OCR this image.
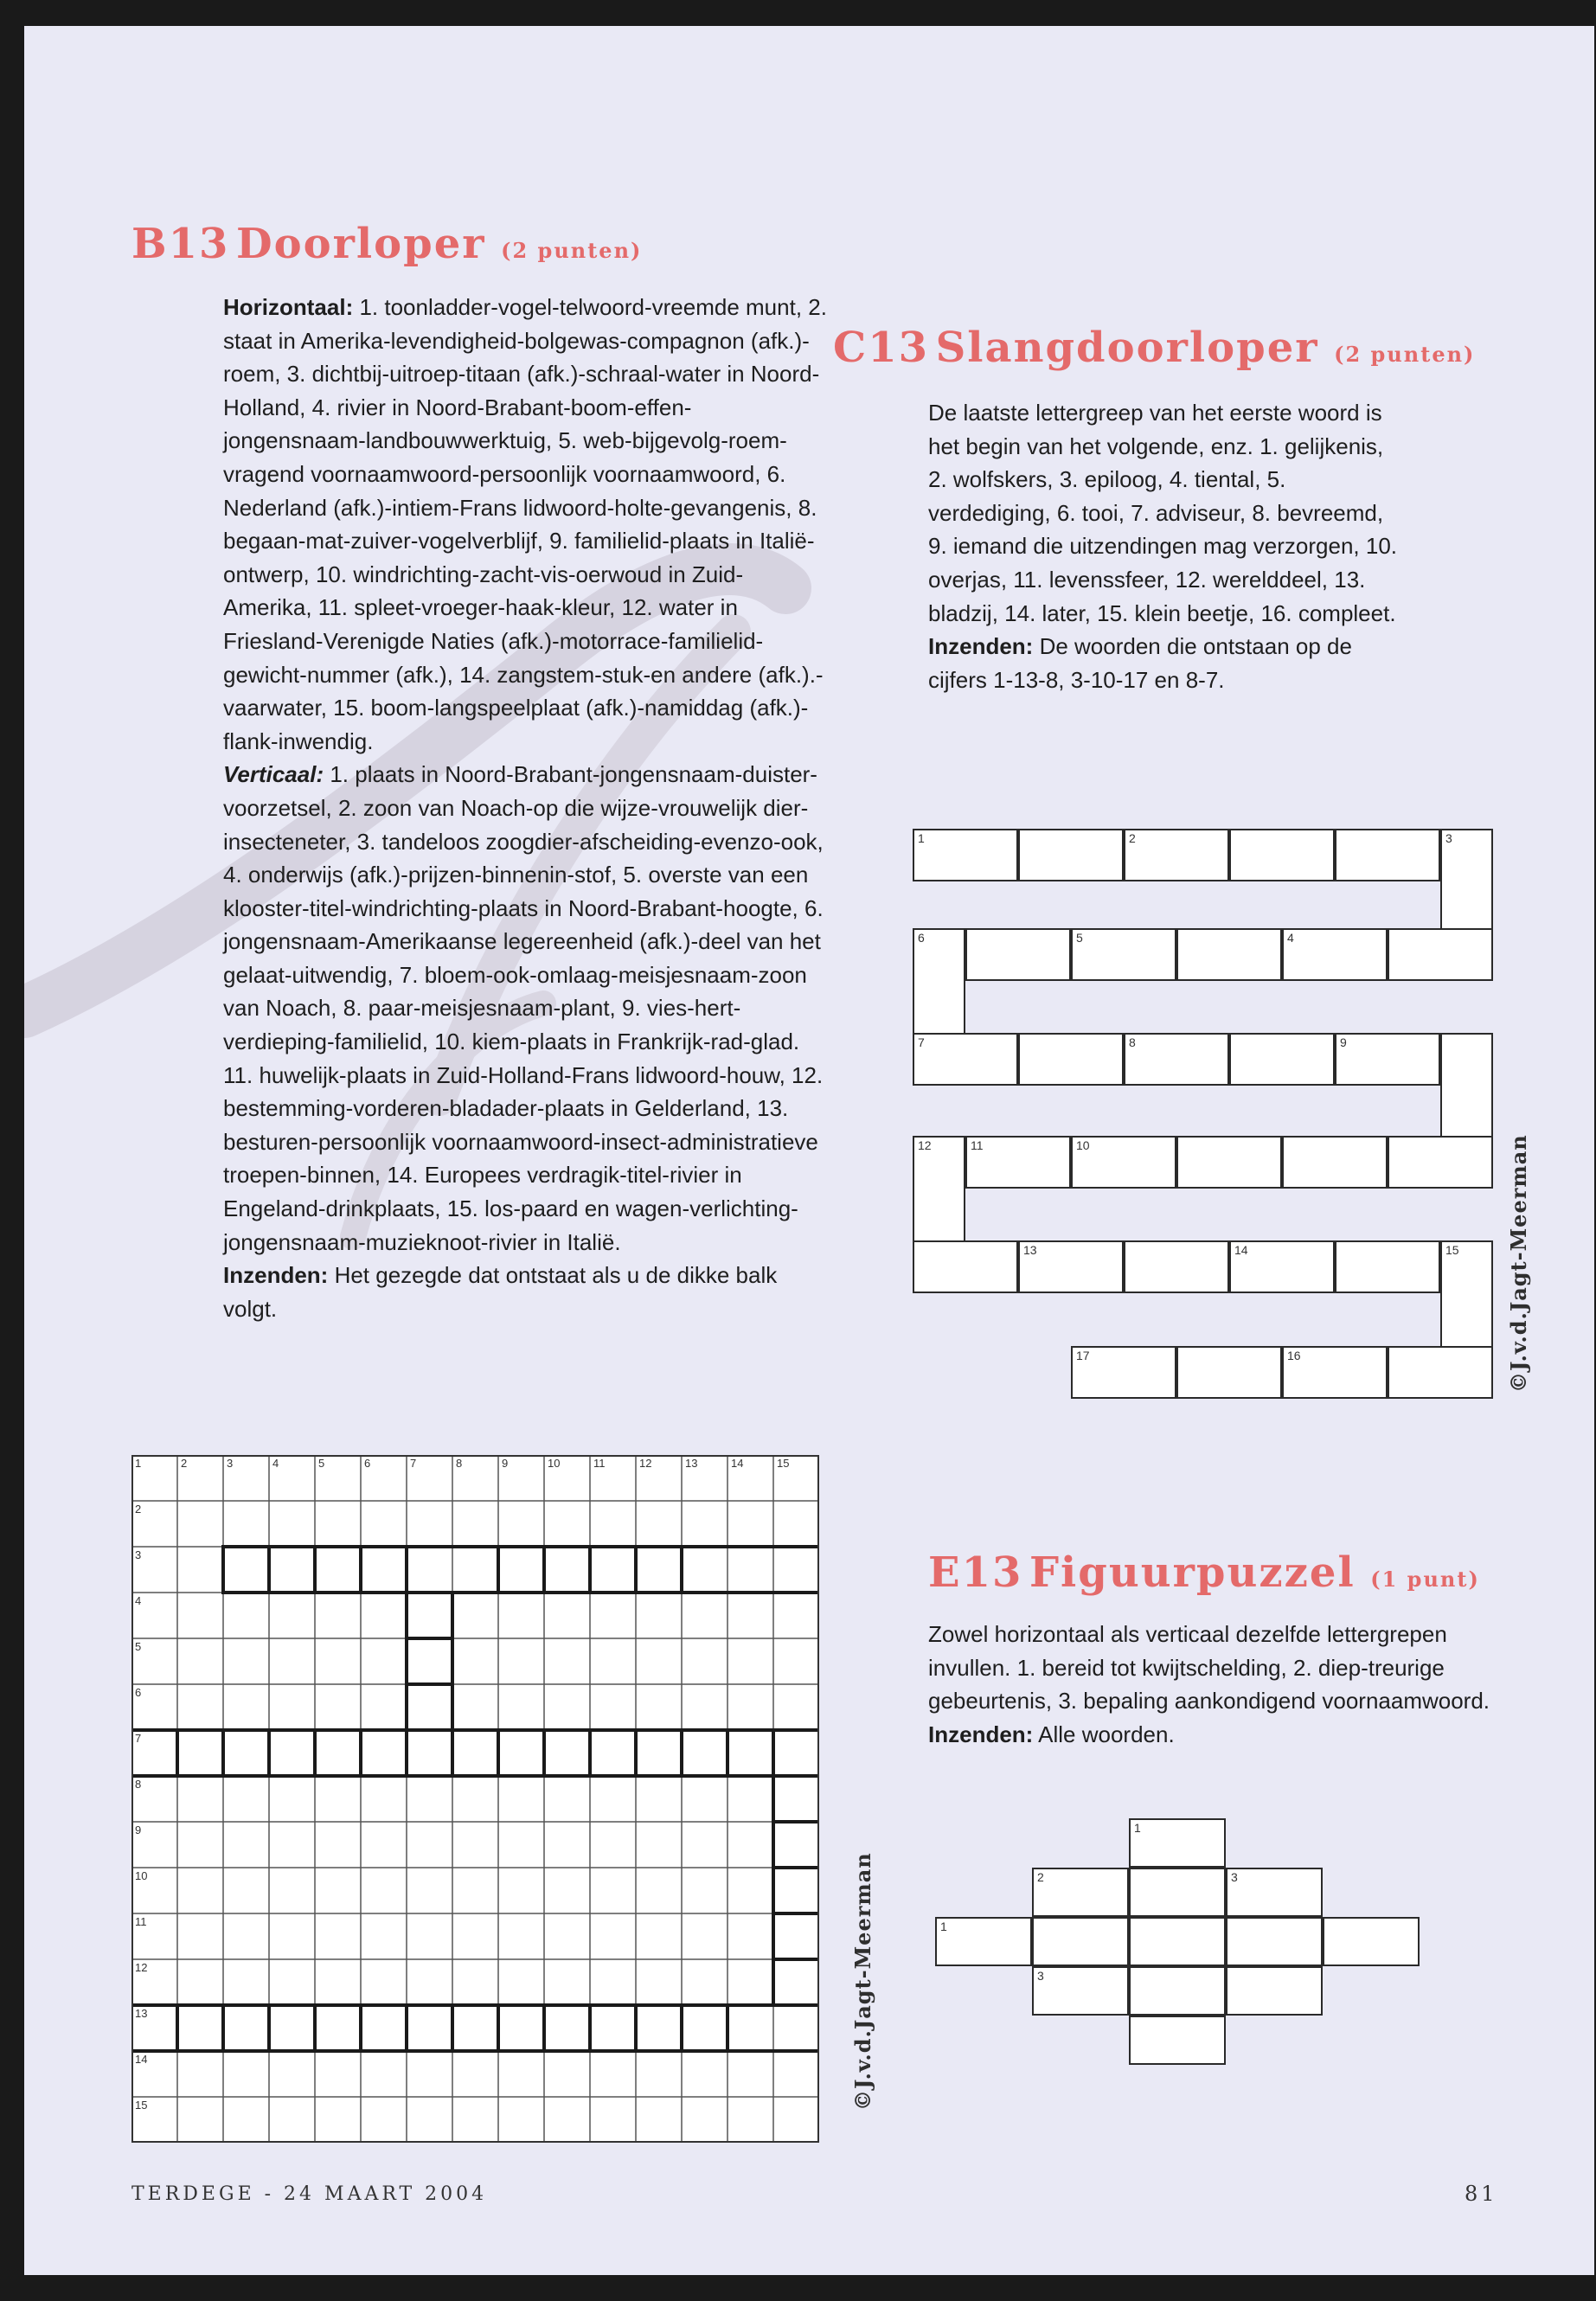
B13 Doorloper (2 punten)

Horizontaal: 1. toonladder-vogel-telwoord-vreemde munt, 2. staat in Amerika-levendigheid-bolgewas-compagnon (afk.)-roem, 3. dichtbij-uitroep-titaan (afk.)-schraal-water in Noord-Holland, 4. rivier in Noord-Brabant-boom-effen-jongensnaam-landbouwwerktuig, 5. web-bijgevolg-roem-vragend voornaamwoord-persoonlijk voornaamwoord, 6. Nederland (afk.)-intiem-Frans lidwoord-holte-gevangenis, 8. begaan-mat-zuiver-vogelverblijf, 9. familielid-plaats in Italië-ontwerp, 10. windrichting-zacht-vis-oerwoud in Zuid-Amerika, 11. spleet-vroeger-haak-kleur, 12. water in Friesland-Verenigde Naties (afk.)-motorrace-familielid-gewicht-nummer (afk.), 14. zangstem-stuk-en andere (afk.).-vaarwater, 15. boom-langspeelplaat (afk.)-namiddag (afk.)-flank-inwendig.
Verticaal: 1. plaats in Noord-Brabant-jongensnaam-duister-voorzetsel, 2. zoon van Noach-op die wijze-vrouwelijk dier-insecteneter, 3. tandeloos zoogdier-afscheiding-evenzo-ook, 4. onderwijs (afk.)-prijzen-binnenin-stof, 5. overste van een klooster-titel-windrichting-plaats in Noord-Brabant-hoogte, 6. jongensnaam-Amerikaanse legereenheid (afk.)-deel van het gelaat-uitwendig, 7. bloem-ook-omlaag-meisjesnaam-zoon van Noach, 8. paar-meisjesnaam-plant, 9. vies-hert-verdieping-familielid, 10. kiem-plaats in Frankrijk-rad-glad. 11. huwelijk-plaats in Zuid-Holland-Frans lidwoord-houw, 12. bestemming-vorderen-bladader-plaats in Gelderland, 13. besturen-persoonlijk voornaamwoord-insect-administratieve troepen-binnen, 14. Europees verdragik-titel-rivier in Engeland-drinkplaats, 15. los-paard en wagen-verlichting-jongensnaam-muzieknoot-rivier in Italië.
Inzenden: Het gezegde dat ontstaat als u de dikke balk volgt.

1	2	3	4	5	6	7	8	9	10	11	12	13	14	15
2
3
4
5
6
7
8
9
10
11
12
13
14
15	©J.v.d.Jagt-Meerman
C13 Slangdoorloper (2 punten)

De laatste lettergreep van het eerste woord is het begin van het volgende, enz. 1. gelijkenis, 2. wolfskers, 3. epiloog, 4. tiental, 5. verdediging, 6. tooi, 7. adviseur, 8. bevreemd, 9. iemand die uitzendingen mag verzorgen, 10. overjas, 11. levenssfeer, 12. werelddeel, 13. bladzij, 14. later, 15. klein beetje, 16. compleet.
Inzenden: De woorden die ontstaan op de cijfers 1-13-8, 3-10-17 en 8-7.

1	2	3
5	4
6
7	8	9
11	10
12
13	14	15
17	16	©J.v.d.Jagt-Meerman
E13 Figuurpuzzel (1 punt)

Zowel horizontaal als verticaal dezelfde lettergrepen invullen. 1. bereid tot kwijtschelding, 2. diep-treurige gebeurtenis, 3. bepaling aankondigend voornaamwoord.
Inzenden: Alle woorden.

1
2	3
1
3
TERDEGE - 24 MAART 2004	81
